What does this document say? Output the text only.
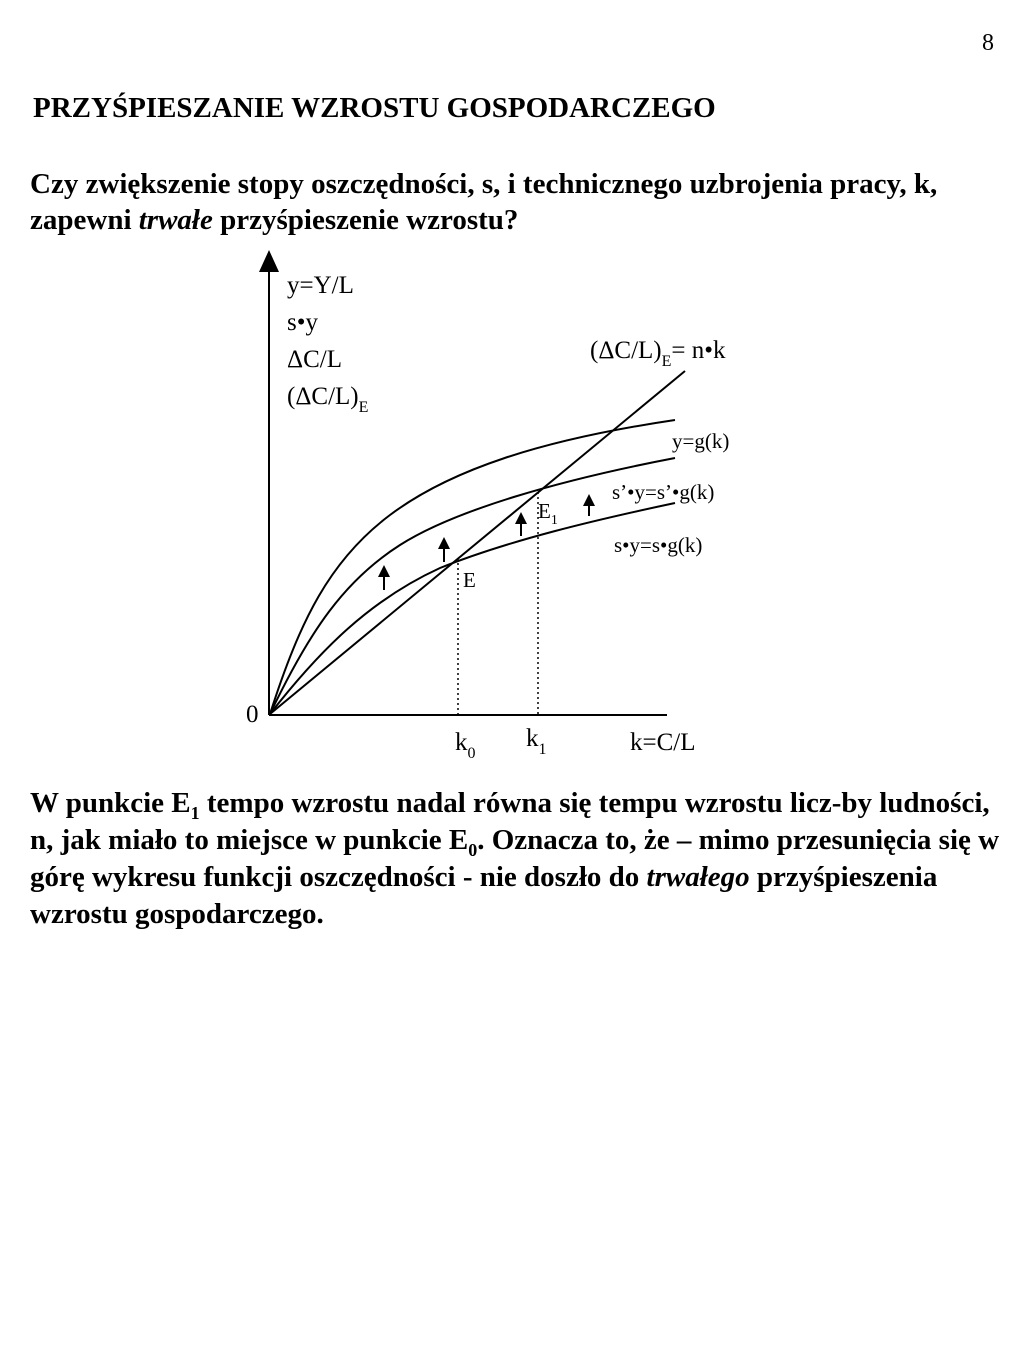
8
PRZYŚPIESZANIE WZROSTU GOSPODARCZEGO

Czy zwiększenie stopy oszczędności, s, i technicznego uzbrojenia pracy, k, zapewni trwałe przyśpieszenie wzrostu?

y=Y/L
s•y
ΔC/L
$(\Delta C/L)_E$
$(\Delta C/L)_E=$ n•k
y=g(k)
s’•y=s’•g(k)
s•y=s•g(k)
E
$E_1$
0
$k_0$
$k_1$	k=C/L

W punkcie $E_1$ tempo wzrostu nadal równa się tempu wzrostu licz-by ludności, n, jak miało to miejsce w punkcie $E_0$. Oznacza to, że – mimo przesunięcia się w górę wykresu funkcji oszczędności - nie doszło do trwałego przyśpieszenia wzrostu gospodarczego.
